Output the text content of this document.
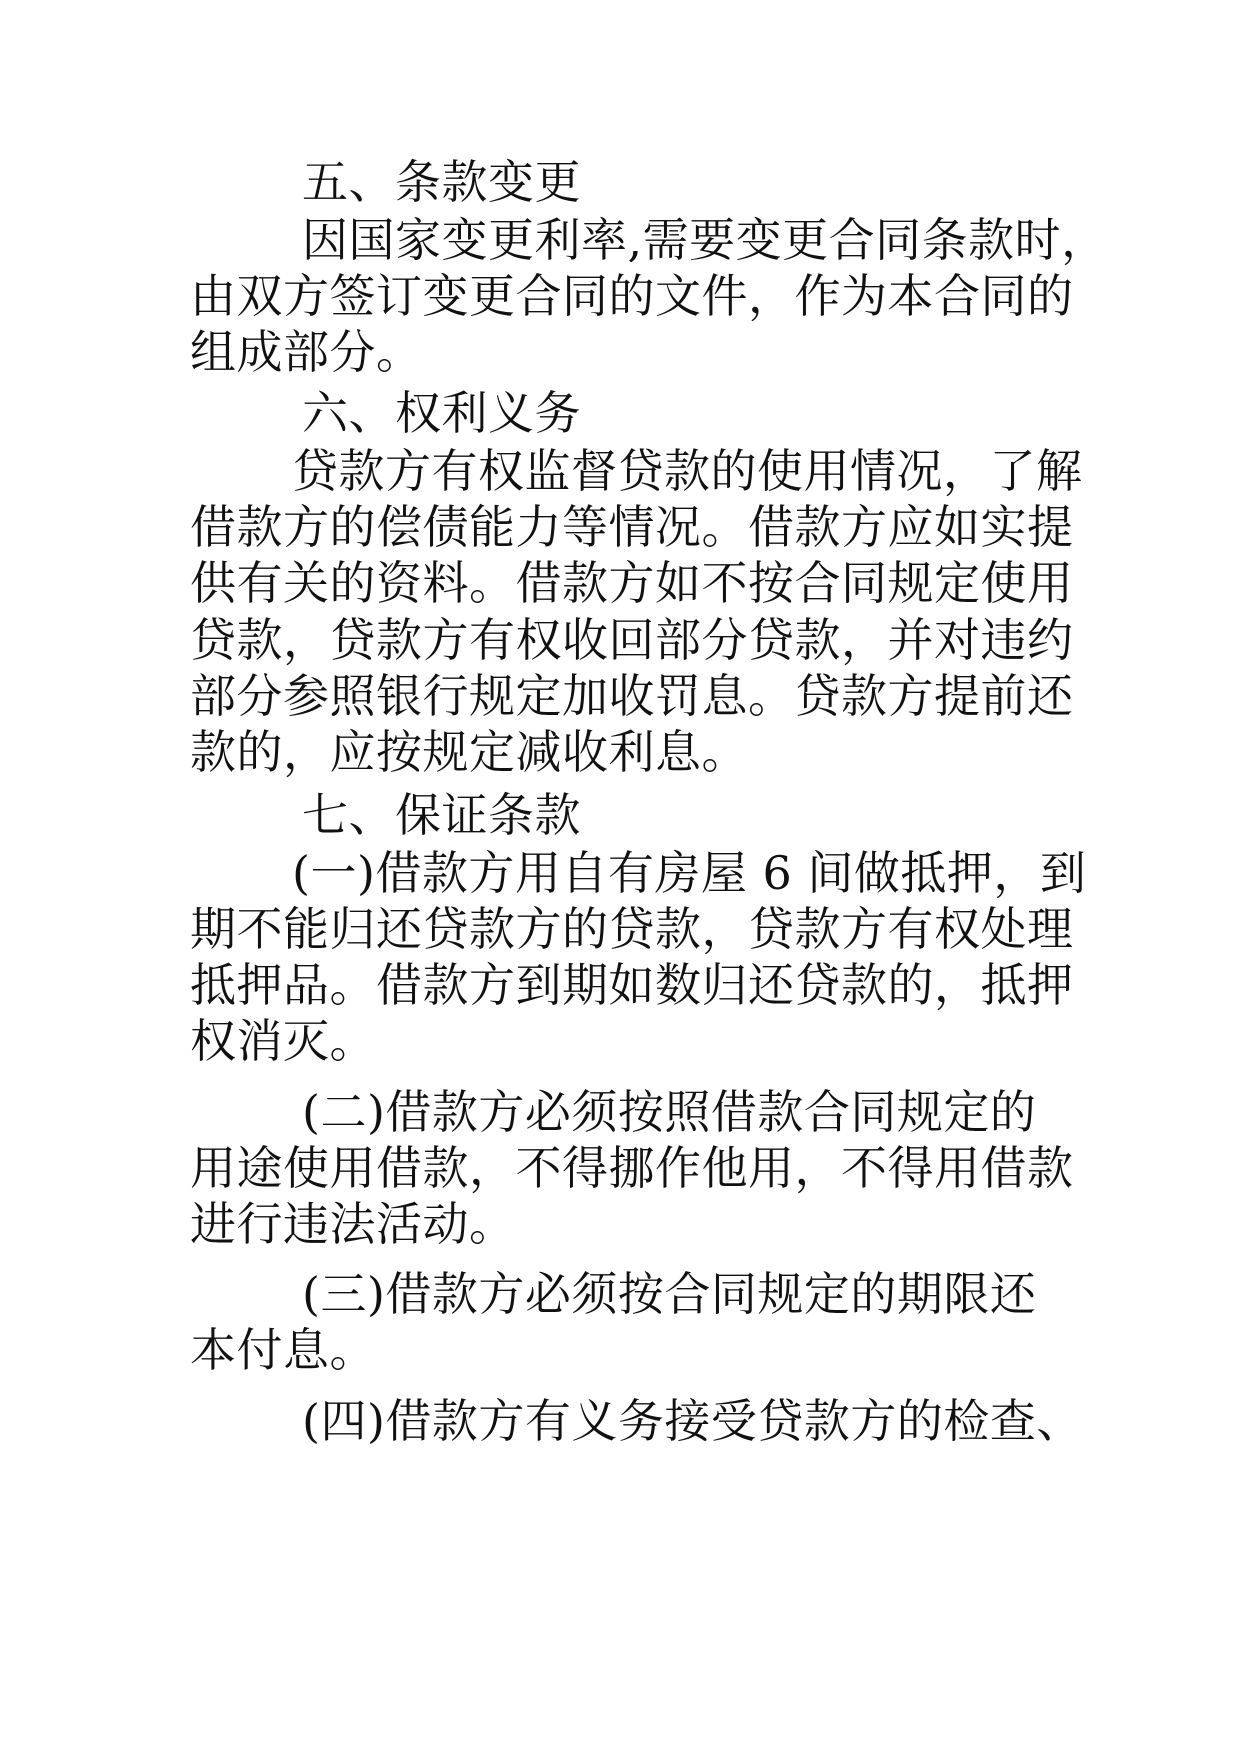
五、条款变更

因国家变更利率,需要变更合同条款时，

由双方签订变更合同的文件，作为本合同的

组成部分。

六、权利义务

贷款方有权监督贷款的使用情况，了解

借款方的偿债能力等情况。借款方应如实提

供有关的资料。借款方如不按合同规定使用

贷款，贷款方有权收回部分贷款，并对违约

部分参照银行规定加收罚息。贷款方提前还

款的，应按规定减收利息。

七、保证条款

(一)借款方用自有房屋 6 间做抵押，到

期不能归还贷款方的贷款，贷款方有权处理

抵押品。借款方到期如数归还贷款的，抵押

权消灭。

(二)借款方必须按照借款合同规定的

用途使用借款，不得挪作他用，不得用借款

进行违法活动。

(三)借款方必须按合同规定的期限还

本付息。

(四)借款方有义务接受贷款方的检查、
